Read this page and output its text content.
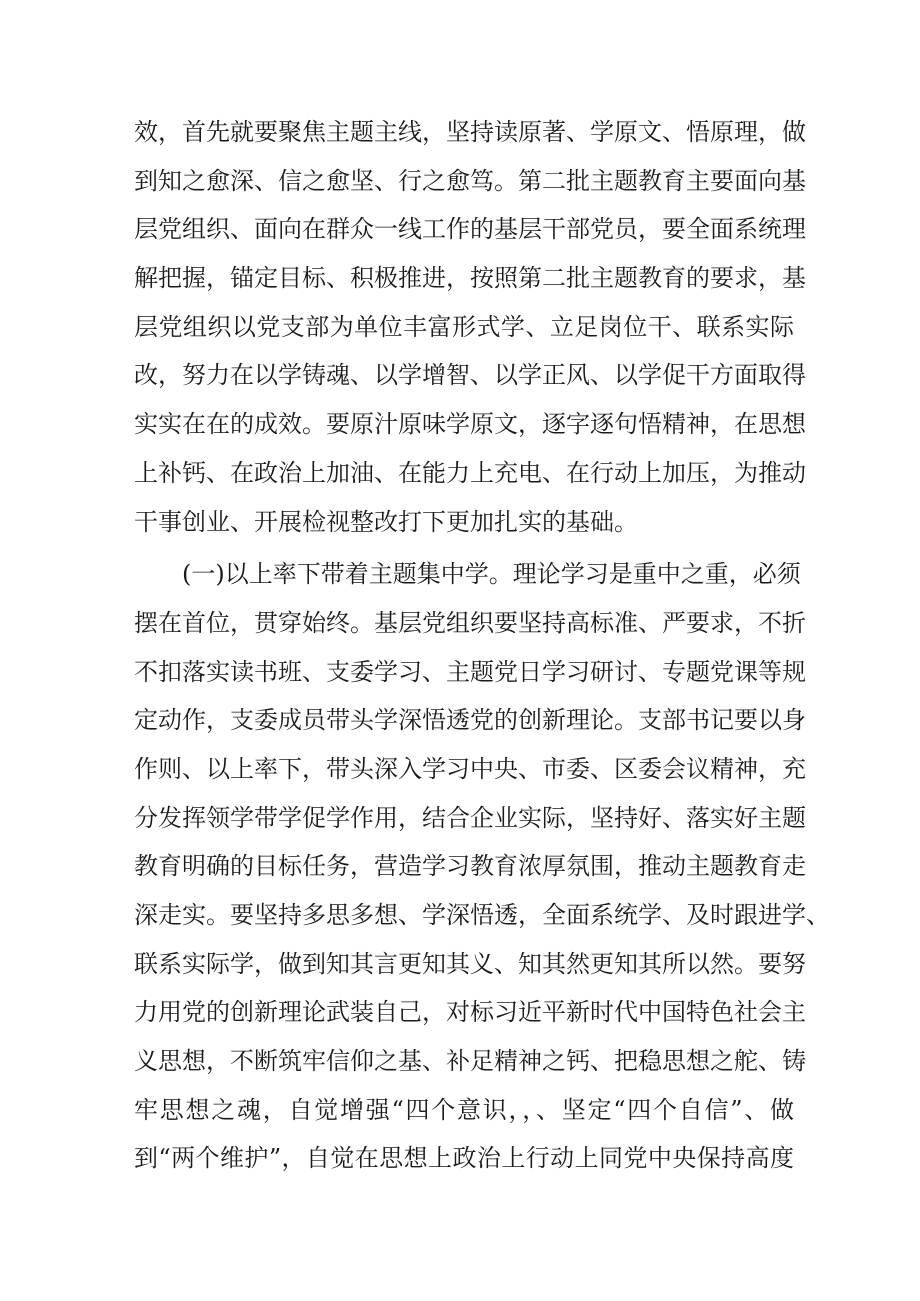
效，首先就要聚焦主题主线，坚持读原著、学原文、悟原理，做
到知之愈深、信之愈坚、行之愈笃。第二批主题教育主要面向基
层党组织、面向在群众一线工作的基层干部党员，要全面系统理
解把握，锚定目标、积极推进，按照第二批主题教育的要求，基
层党组织以党支部为单位丰富形式学、立足岗位干、联系实际
改，努力在以学铸魂、以学增智、以学正风、以学促干方面取得
实实在在的成效。要原汁原味学原文，逐字逐句悟精神，在思想
上补钙、在政治上加油、在能力上充电、在行动上加压，为推动
干事创业、开展检视整改打下更加扎实的基础。
(一)以上率下带着主题集中学。理论学习是重中之重，必须
摆在首位，贯穿始终。基层党组织要坚持高标准、严要求，不折
不扣落实读书班、支委学习、主题党日学习研讨、专题党课等规
定动作，支委成员带头学深悟透党的创新理论。支部书记要以身
作则、以上率下，带头深入学习中央、市委、区委会议精神，充
分发挥领学带学促学作用，结合企业实际，坚持好、落实好主题
教育明确的目标任务，营造学习教育浓厚氛围，推动主题教育走
深走实。要坚持多思多想、学深悟透，全面系统学、及时跟进学、
联系实际学，做到知其言更知其义、知其然更知其所以然。要努
力用党的创新理论武装自己，对标习近平新时代中国特色社会主
义思想，不断筑牢信仰之基、补足精神之钙、把稳思想之舵、铸
牢思想之魂，自觉增强“四个意识，，、坚定“四个自信”、做
到“两个维护”，自觉在思想上政治上行动上同党中央保持高度
